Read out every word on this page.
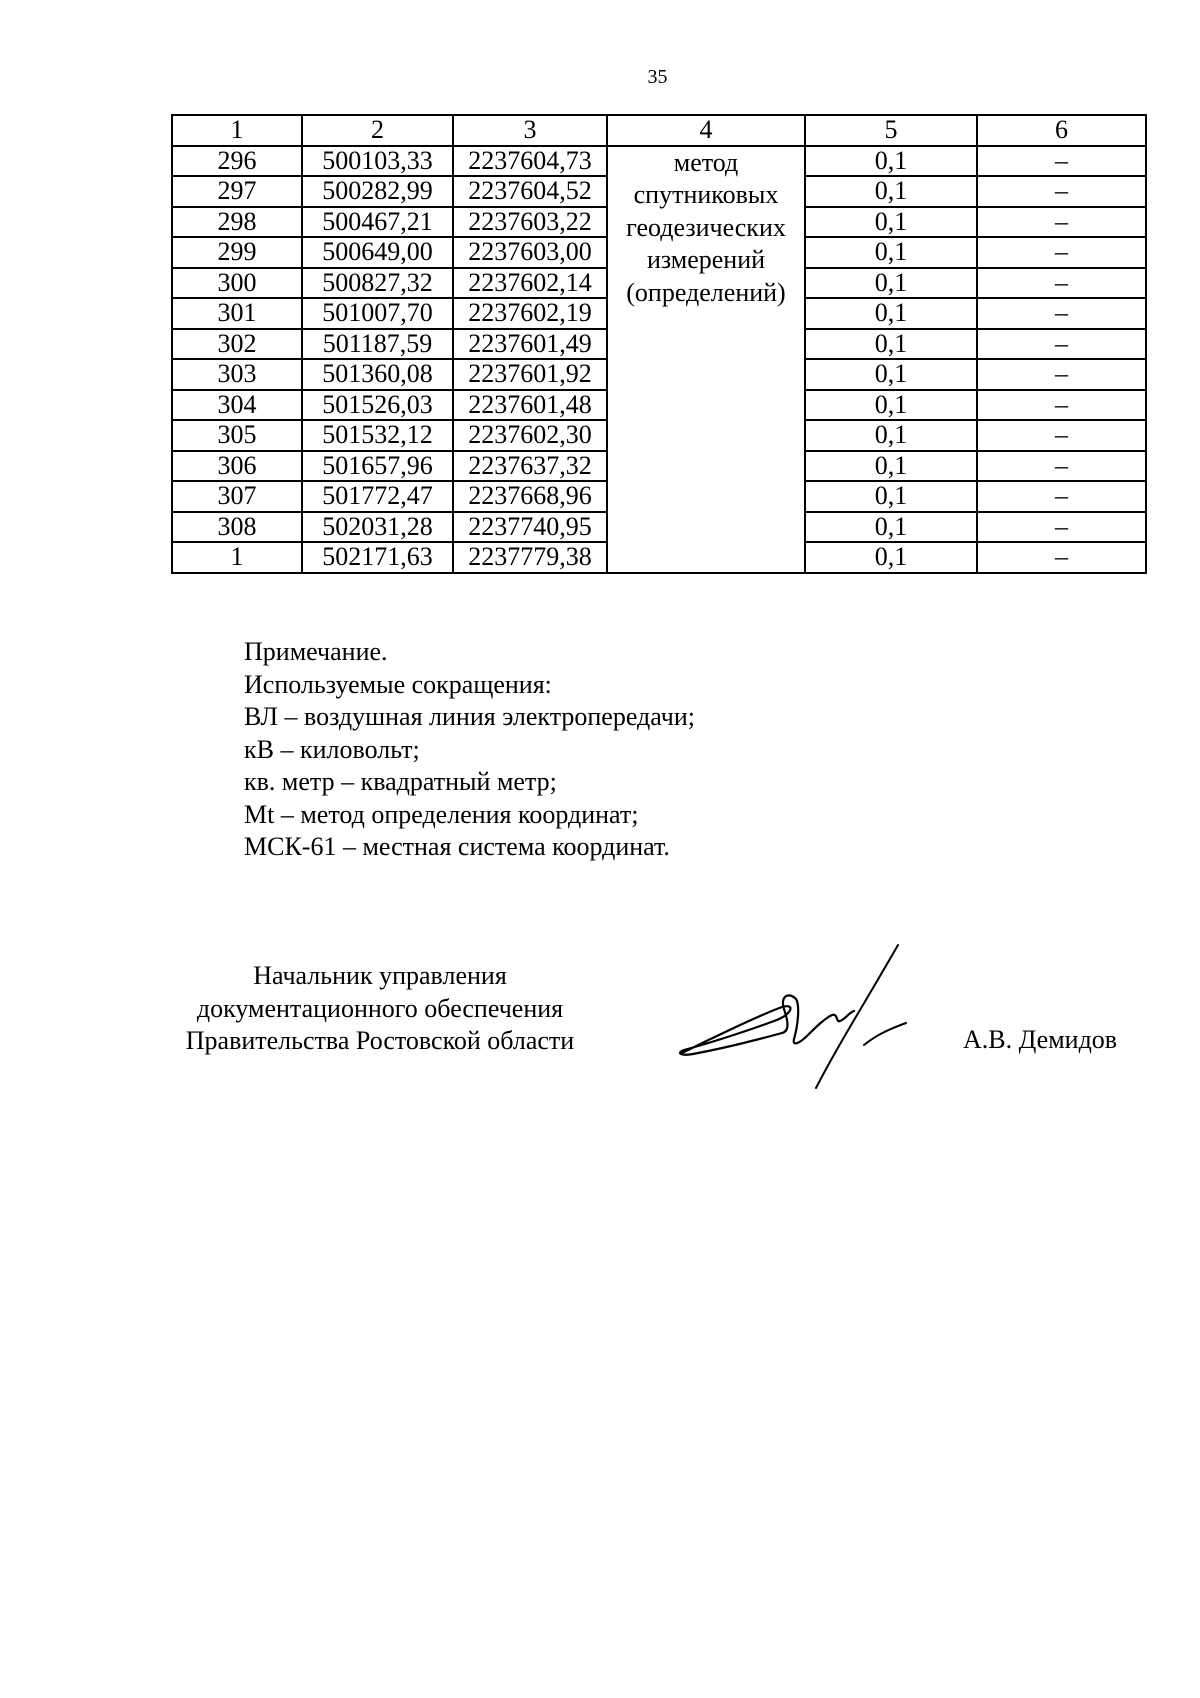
35
1	2	3	4	5	6
296	500103,33	2237604,73	метод
спутниковых
геодезических
измерений
(определений)	0,1	–
297	500282,99	2237604,52		0,1	–
298	500467,21	2237603,22		0,1	–
299	500649,00	2237603,00		0,1	–
300	500827,32	2237602,14		0,1	–
301	501007,70	2237602,19		0,1	–
302	501187,59	2237601,49		0,1	–
303	501360,08	2237601,92		0,1	–
304	501526,03	2237601,48		0,1	–
305	501532,12	2237602,30		0,1	–
306	501657,96	2237637,32		0,1	–
307	501772,47	2237668,96		0,1	–
308	502031,28	2237740,95		0,1	–
1	502171,63	2237779,38		0,1	–
Примечание.
Используемые сокращения:
ВЛ – воздушная линия электропередачи;
кВ – киловольт;
кв. метр – квадратный метр;
Mt – метод определения координат;
МСК-61 – местная система координат.
Начальник управления
документационного обеспечения
Правительства Ростовской области	А.В. Демидов
